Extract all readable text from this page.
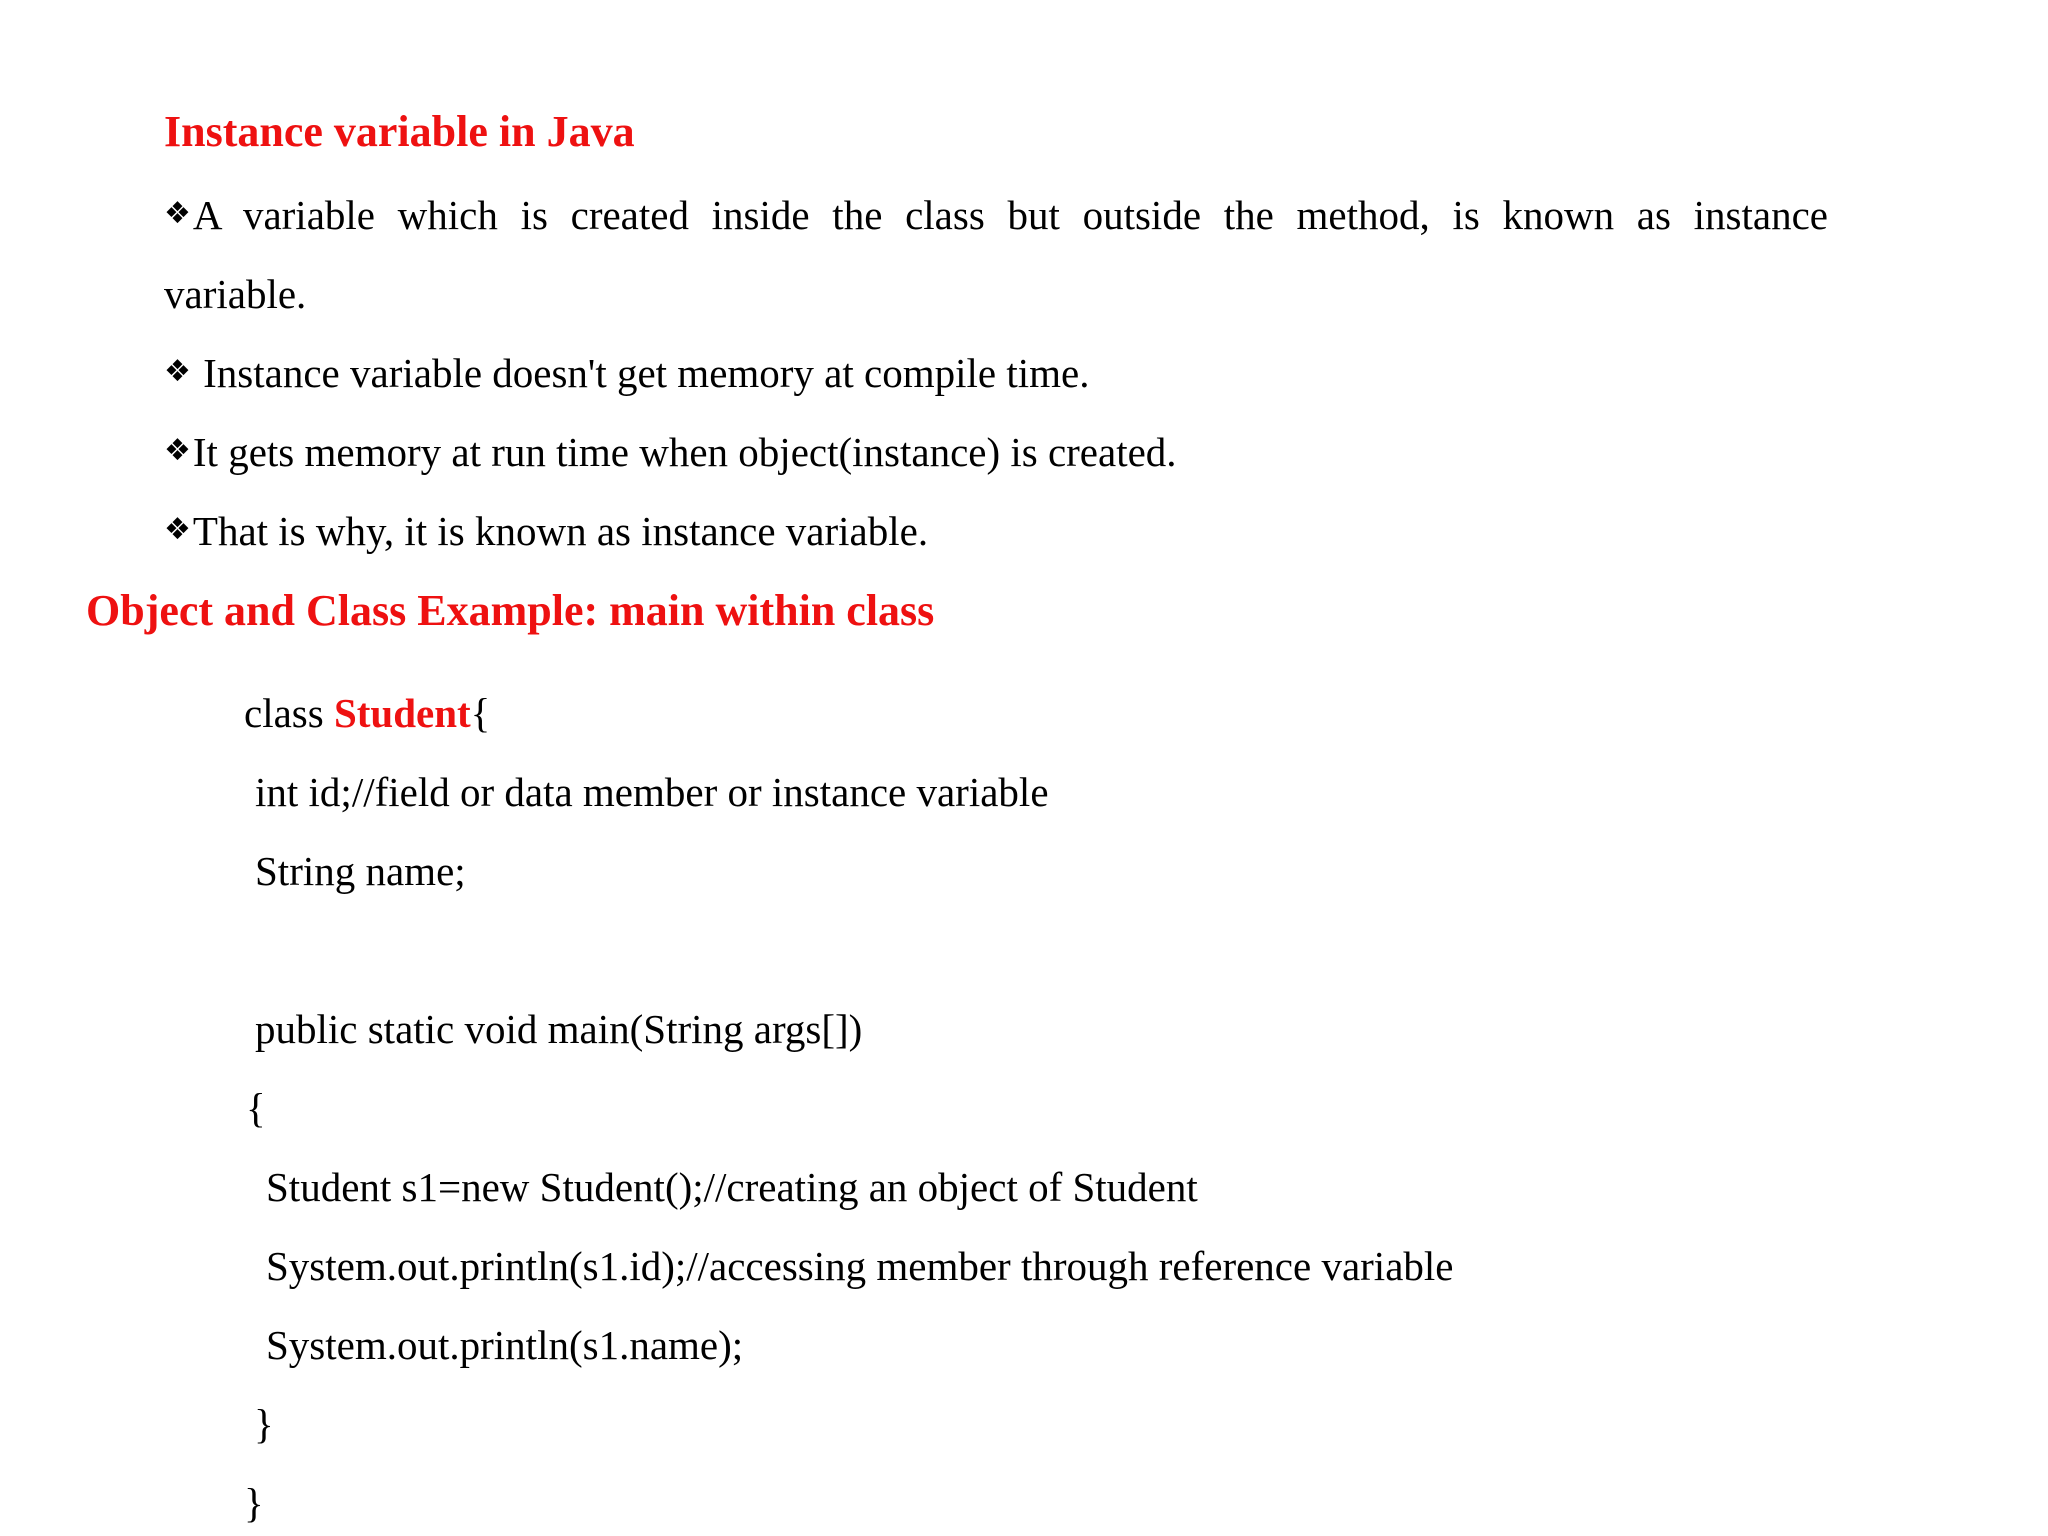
Instance variable in Java
❖A variable which is created inside the class but outside the method, is known as instance
variable.
❖ Instance variable doesn't get memory at compile time.
❖It gets memory at run time when object(instance) is created.
❖That is why, it is known as instance variable.
Object and Class Example: main within class
class Student{
int id;//field or data member or instance variable
String name;
public static void main(String args[])
{
Student s1=new Student();//creating an object of Student
System.out.println(s1.id);//accessing member through reference variable
System.out.println(s1.name);
}
}
